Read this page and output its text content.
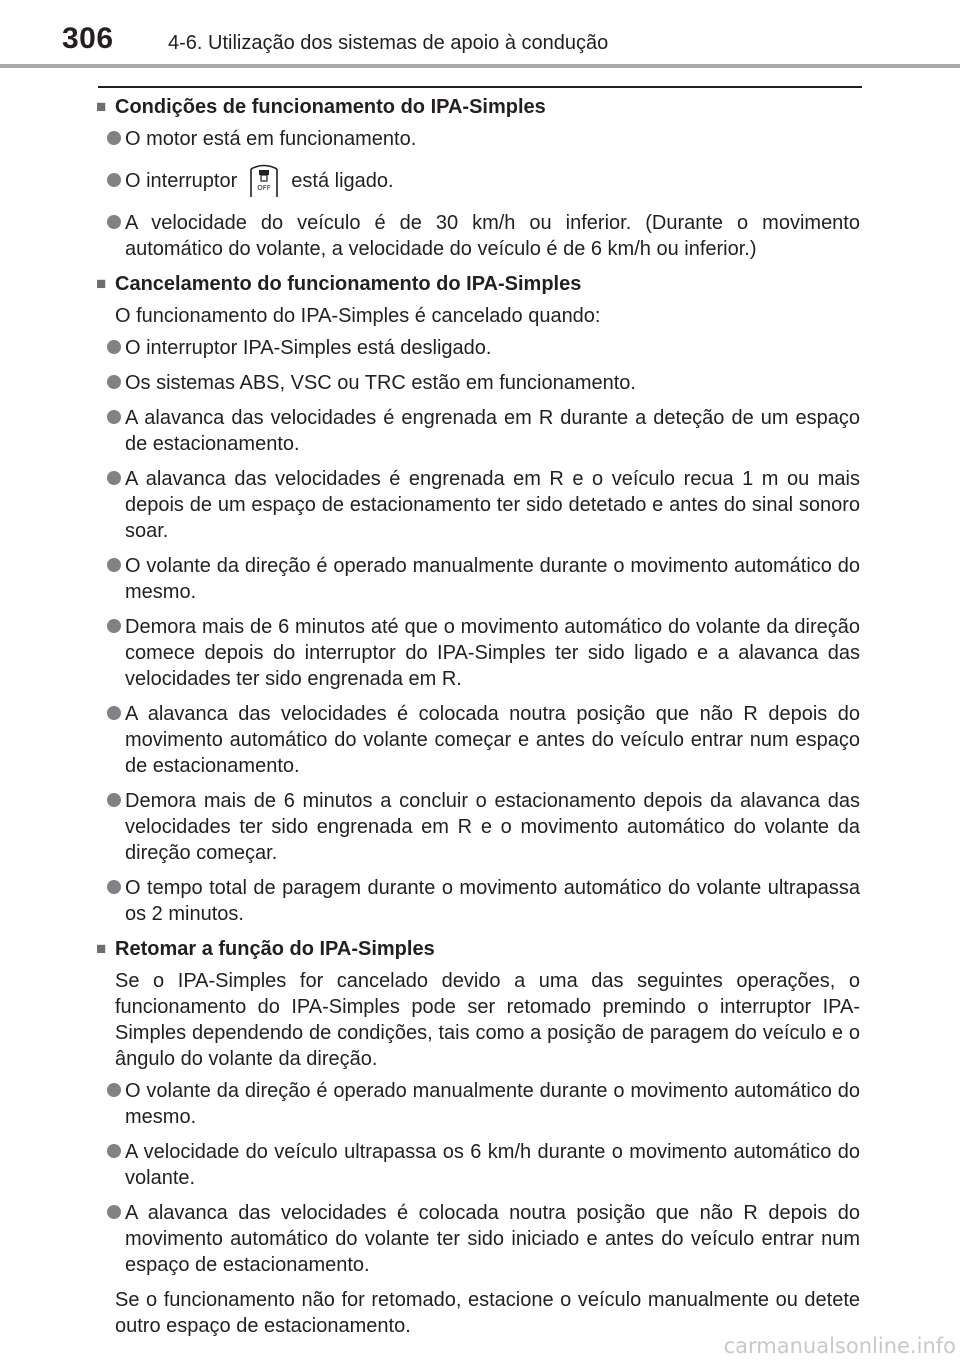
306	4-6. Utilização dos sistemas de apoio à condução
■ Condições de funcionamento do IPA-Simples
O motor está em funcionamento.
O interruptor	OFF está ligado.
A velocidade do veículo é de 30 km/h ou inferior. (Durante o movimento automático do volante, a velocidade do veículo é de 6 km/h ou inferior.)
■ Cancelamento do funcionamento do IPA-Simples
O funcionamento do IPA-Simples é cancelado quando:
O interruptor IPA-Simples está desligado.
Os sistemas ABS, VSC ou TRC estão em funcionamento.
A alavanca das velocidades é engrenada em R durante a deteção de um espaço de estacionamento.
A alavanca das velocidades é engrenada em R e o veículo recua 1 m ou mais depois de um espaço de estacionamento ter sido detetado e antes do sinal sonoro soar.
O volante da direção é operado manualmente durante o movimento automático do mesmo.
Demora mais de 6 minutos até que o movimento automático do volante da direção comece depois do interruptor do IPA-Simples ter sido ligado e a alavanca das velocidades ter sido engrenada em R.
A alavanca das velocidades é colocada noutra posição que não R depois do movimento automático do volante começar e antes do veículo entrar num espaço de estacionamento.
Demora mais de 6 minutos a concluir o estacionamento depois da alavanca das velocidades ter sido engrenada em R e o movimento automático do volante da direção começar.
O tempo total de paragem durante o movimento automático do volante ultrapassa os 2 minutos.
■ Retomar a função do IPA-Simples
Se o IPA-Simples for cancelado devido a uma das seguintes operações, o funcionamento do IPA-Simples pode ser retomado premindo o interruptor IPA-Simples dependendo de condições, tais como a posição de paragem do veículo e o ângulo do volante da direção.
O volante da direção é operado manualmente durante o movimento automático do mesmo.
A velocidade do veículo ultrapassa os 6 km/h durante o movimento automático do volante.
A alavanca das velocidades é colocada noutra posição que não R depois do movimento automático do volante ter sido iniciado e antes do veículo entrar num espaço de estacionamento.
Se o funcionamento não for retomado, estacione o veículo manualmente ou detete outro espaço de estacionamento.
carmanualsonline.info
